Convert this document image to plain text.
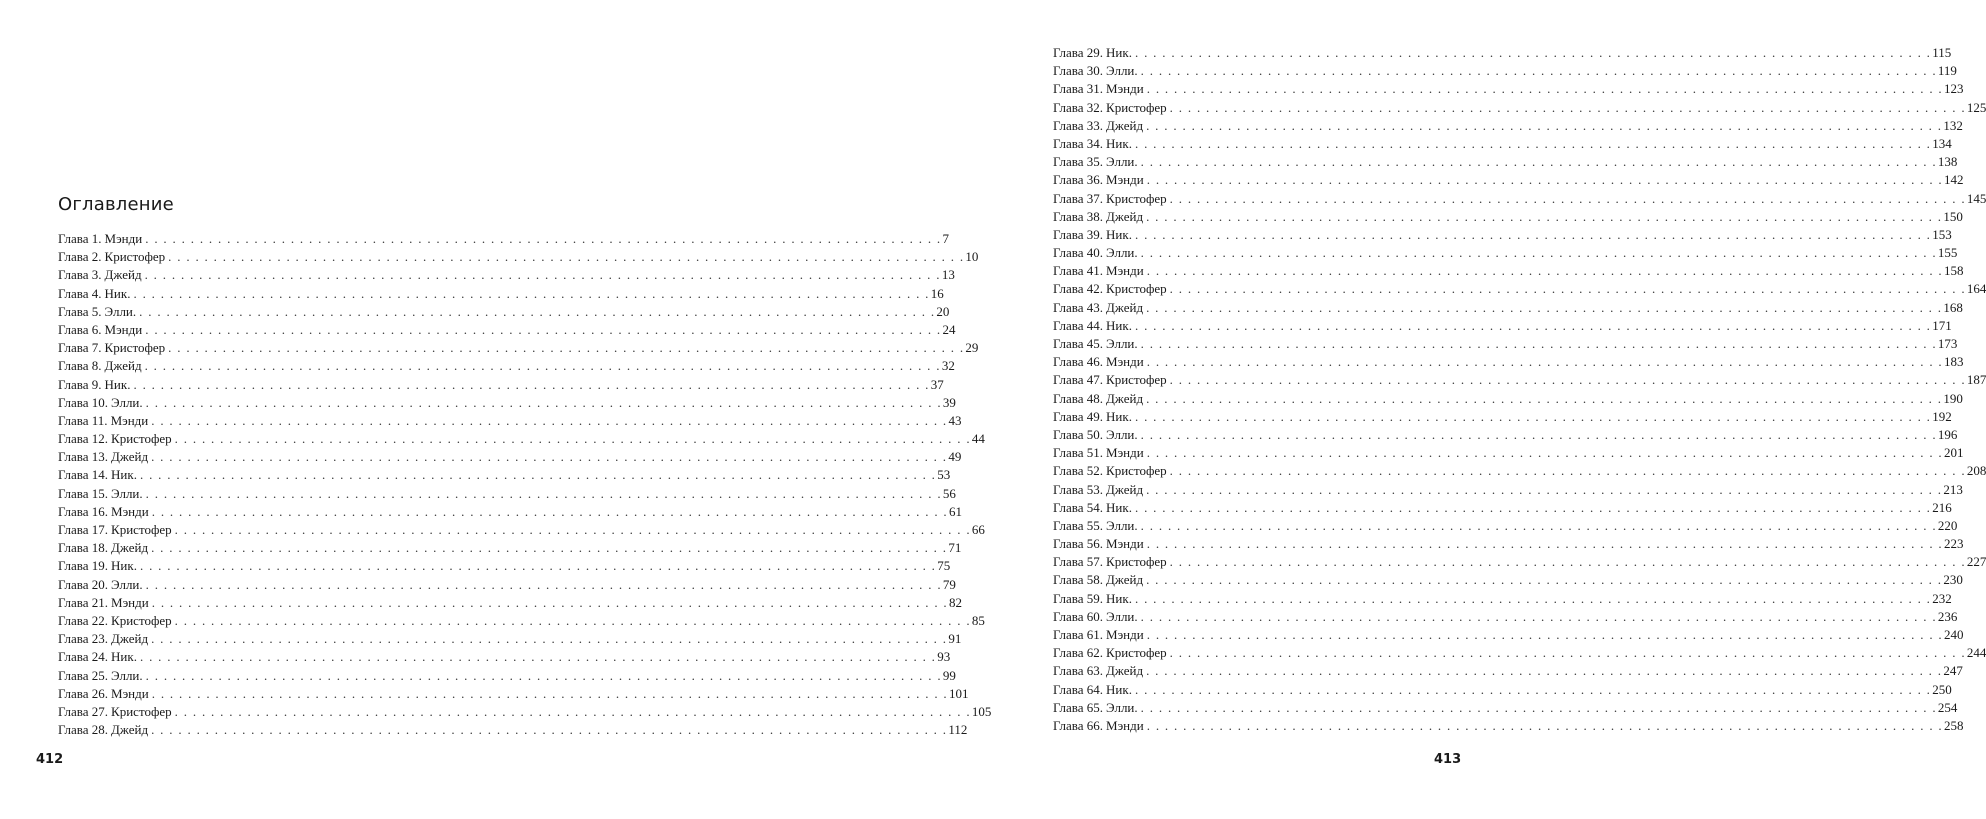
Оглавление
Глава 1. Мэнди . . .	7
Глава 2. Кристофер . . .	10
Глава 3. Джейд . . .	13
Глава 4. Ник. . . .	16
Глава 5. Элли. . . .	20
Глава 6. Мэнди . . .	24
Глава 7. Кристофер . . .	29
Глава 8. Джейд . . .	32
Глава 9. Ник. . . .	37
Глава 10. Элли. . . .	39
Глава 11. Мэнди . . .	43
Глава 12. Кристофер . . .	44
Глава 13. Джейд . . .	49
Глава 14. Ник. . . .	53
Глава 15. Элли. . . .	56
Глава 16. Мэнди . . .	61
Глава 17. Кристофер . . .	66
Глава 18. Джейд . . .	71
Глава 19. Ник. . . .	75
Глава 20. Элли. . . .	79
Глава 21. Мэнди . . .	82
Глава 22. Кристофер . . .	85
Глава 23. Джейд . . .	91
Глава 24. Ник. . . .	93
Глава 25. Элли. . . .	99
Глава 26. Мэнди . . .	101
Глава 27. Кристофер . . .	105
Глава 28. Джейд . . .	112
412
Глава 29. Ник. . . .	115
Глава 30. Элли. . . .	119
Глава 31. Мэнди . . .	123
Глава 32. Кристофер . . .	125
Глава 33. Джейд . . .	132
Глава 34. Ник. . . .	134
Глава 35. Элли. . . .	138
Глава 36. Мэнди . . .	142
Глава 37. Кристофер . . .	145
Глава 38. Джейд . . .	150
Глава 39. Ник. . . .	153
Глава 40. Элли. . . .	155
Глава 41. Мэнди . . .	158
Глава 42. Кристофер . . .	164
Глава 43. Джейд . . .	168
Глава 44. Ник. . . .	171
Глава 45. Элли. . . .	173
Глава 46. Мэнди . . .	183
Глава 47. Кристофер . . .	187
Глава 48. Джейд . . .	190
Глава 49. Ник. . . .	192
Глава 50. Элли. . . .	196
Глава 51. Мэнди . . .	201
Глава 52. Кристофер . . .	208
Глава 53. Джейд . . .	213
Глава 54. Ник. . . .	216
Глава 55. Элли. . . .	220
Глава 56. Мэнди . . .	223
Глава 57. Кристофер . . .	227
Глава 58. Джейд . . .	230
Глава 59. Ник. . . .	232
Глава 60. Элли. . . .	236
Глава 61. Мэнди . . .	240
Глава 62. Кристофер . . .	244
Глава 63. Джейд . . .	247
Глава 64. Ник. . . .	250
Глава 65. Элли. . . .	254
Глава 66. Мэнди . . .	258
413
